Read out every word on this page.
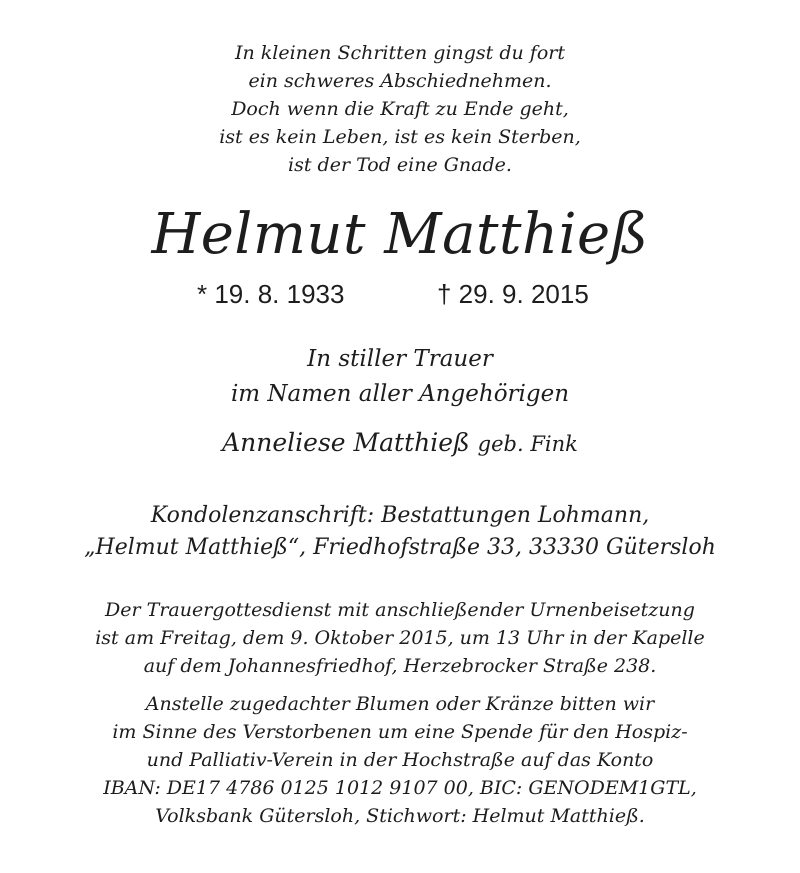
In kleinen Schritten gingst du fort
ein schweres Abschiednehmen.
Doch wenn die Kraft zu Ende geht,
ist es kein Leben, ist es kein Sterben,
ist der Tod eine Gnade.
Helmut Matthieß
* 19. 8. 1933	† 29. 9. 2015
In stiller Trauer
im Namen aller Angehörigen
Anneliese Matthieß geb. Fink
Kondolenzanschrift: Bestattungen Lohmann,
„Helmut Matthieß“, Friedhofstraße 33, 33330 Gütersloh
Der Trauergottesdienst mit anschließender Urnenbeisetzung
ist am Freitag, dem 9. Oktober 2015, um 13 Uhr in der Kapelle
auf dem Johannesfriedhof, Herzebrocker Straße 238.
Anstelle zugedachter Blumen oder Kränze bitten wir
im Sinne des Verstorbenen um eine Spende für den Hospiz-
und Palliativ-Verein in der Hochstraße auf das Konto
IBAN: DE17 4786 0125 1012 9107 00, BIC: GENODEM1GTL,
Volksbank Gütersloh, Stichwort: Helmut Matthieß.
